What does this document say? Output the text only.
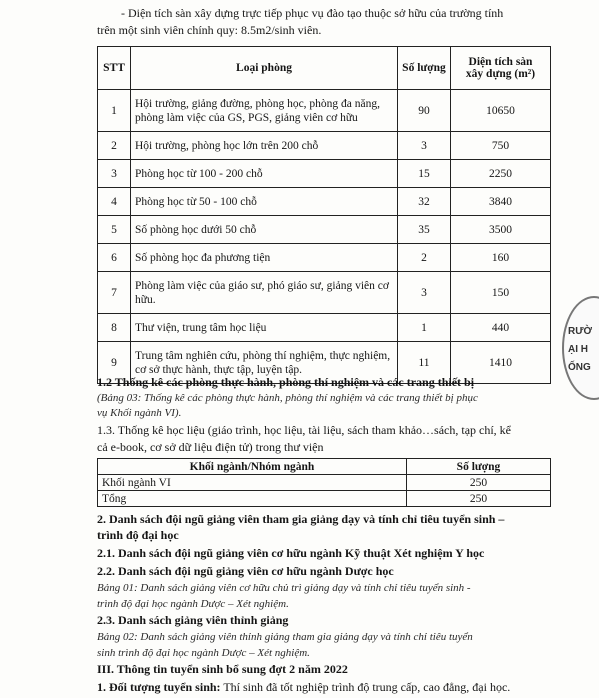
- Diện tích sàn xây dựng trực tiếp phục vụ đào tạo thuộc sở hữu của trường tính
trên một sinh viên chính quy: 8.5m2/sinh viên.
STT	Loại phòng	Số lượng	Diện tích sàn
xây dựng (m²)
1	Hội trường, giảng đường, phòng học, phòng đa năng, phòng làm việc của GS, PGS, giảng viên cơ hữu	90	10650
2	Hội trường, phòng học lớn trên 200 chỗ	3	750
3	Phòng học từ 100 - 200 chỗ	15	2250
4	Phòng học từ 50 - 100 chỗ	32	3840
5	Số phòng học dưới 50 chỗ	35	3500
6	Số phòng học đa phương tiện	2	160
7	Phòng làm việc của giáo sư, phó giáo sư, giảng viên cơ hữu.	3	150
8	Thư viện, trung tâm học liệu	1	440
9	Trung tâm nghiên cứu, phòng thí nghiệm, thực nghiệm, cơ sở thực hành, thực tập, luyện tập.	11	1410
1.2 Thống kê các phòng thực hành, phòng thí nghiệm và các trang thiết bị
(Bảng 03: Thống kê các phòng thực hành, phòng thí nghiệm và các trang thiết bị phục
vụ Khối ngành VI).
1.3. Thống kê học liệu (giáo trình, học liệu, tài liệu, sách tham khảo…sách, tạp chí, kể
cả e-book, cơ sở dữ liệu điện tử) trong thư viện
Khối ngành/Nhóm ngành	Số lượng
Khối ngành VI	250
Tổng	250
2. Danh sách đội ngũ giảng viên tham gia giảng dạy và tính chỉ tiêu tuyển sinh –
trình độ đại học
2.1. Danh sách đội ngũ giảng viên cơ hữu ngành Kỹ thuật Xét nghiệm Y học
2.2. Danh sách đội ngũ giảng viên cơ hữu ngành Dược học
Bảng 01: Danh sách giảng viên cơ hữu chủ trì giảng dạy và tính chỉ tiêu tuyển sinh -
trình độ đại học ngành Dược – Xét nghiệm.
2.3. Danh sách giảng viên thỉnh giảng
Bảng 02: Danh sách giảng viên thỉnh giảng tham gia giảng dạy và tính chỉ tiêu tuyển
sinh trình độ đại học ngành Dược – Xét nghiệm.
III. Thông tin tuyển sinh bổ sung đợt 2 năm 2022
1. Đối tượng tuyển sinh: Thí sinh đã tốt nghiệp trình độ trung cấp, cao đẳng, đại học.
RƯỜ
ẠI H
ỐNG
